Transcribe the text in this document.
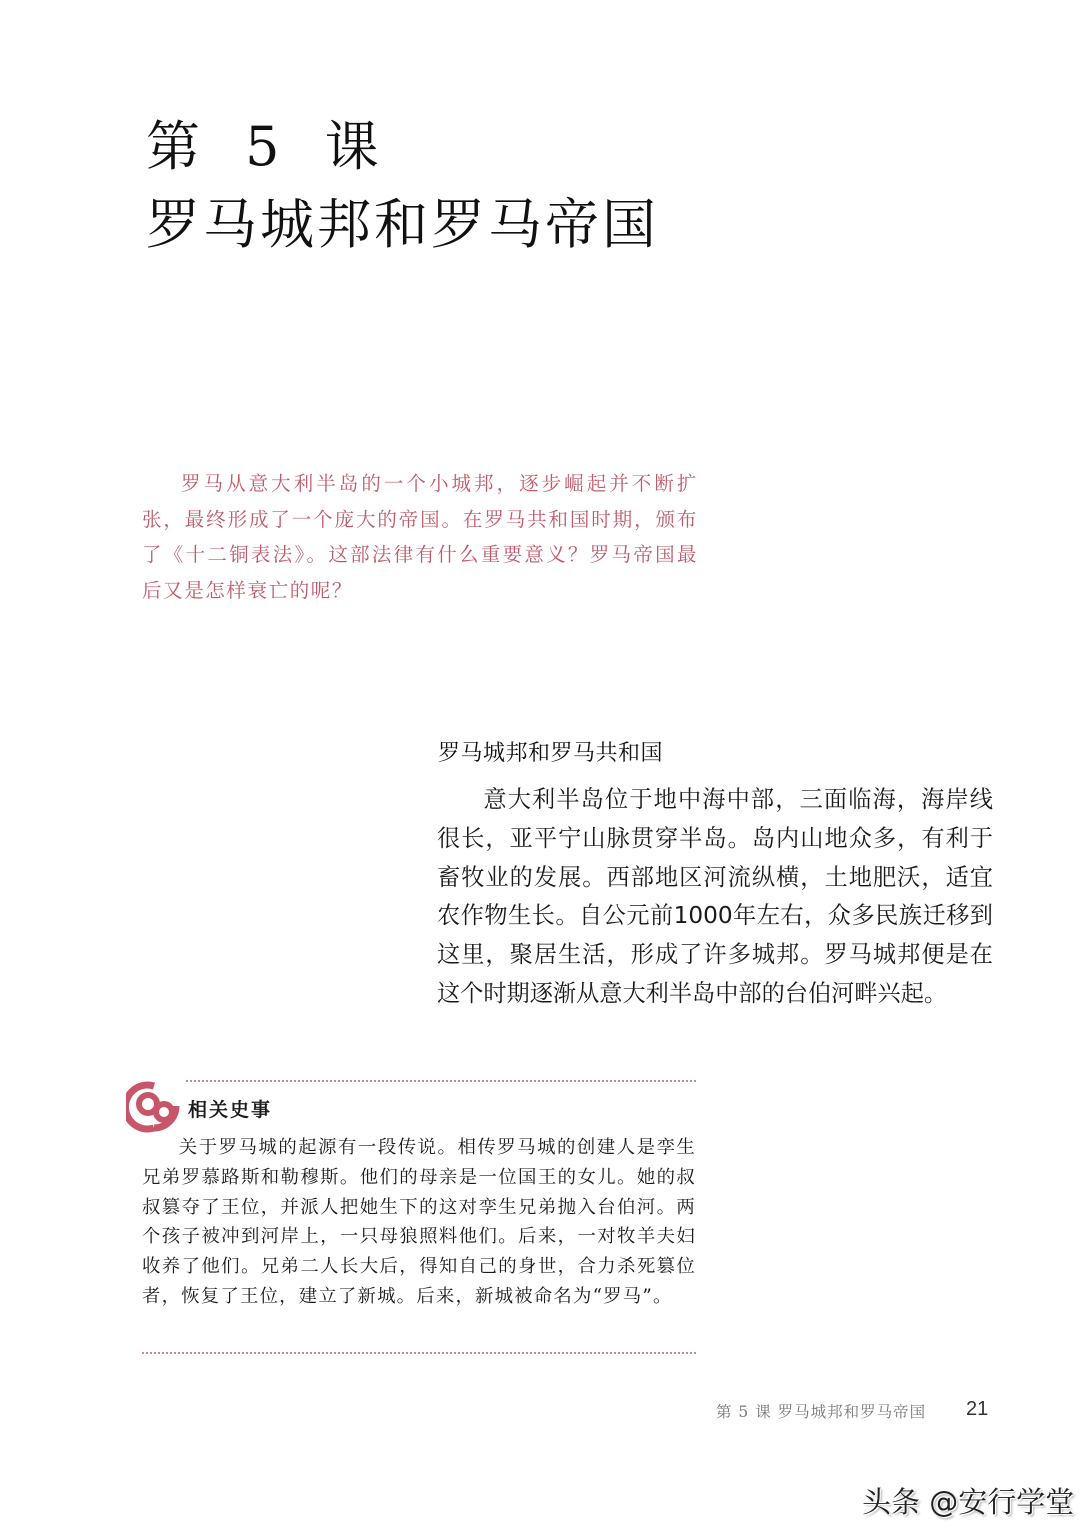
第 5 课
罗马城邦和罗马帝国

罗马从意大利半岛的一个小城邦，逐步崛起并不断扩张，最终形成了一个庞大的帝国。在罗马共和国时期，颁布了《十二铜表法》。这部法律有什么重要意义？罗马帝国最后又是怎样衰亡的呢？

罗马城邦和罗马共和国

意大利半岛位于地中海中部，三面临海，海岸线很长，亚平宁山脉贯穿半岛。岛内山地众多，有利于畜牧业的发展。西部地区河流纵横，土地肥沃，适宜农作物生长。自公元前1000年左右，众多民族迁移到这里，聚居生活，形成了许多城邦。罗马城邦便是在这个时期逐渐从意大利半岛中部的台伯河畔兴起。

相关史事

关于罗马城的起源有一段传说。相传罗马城的创建人是孪生兄弟罗慕路斯和勒穆斯。他们的母亲是一位国王的女儿。她的叔叔篡夺了王位，并派人把她生下的这对孪生兄弟抛入台伯河。两个孩子被冲到河岸上，一只母狼照料他们。后来，一对牧羊夫妇收养了他们。兄弟二人长大后，得知自己的身世，合力杀死篡位者，恢复了王位，建立了新城。后来，新城被命名为“罗马”。

第 5 课 罗马城邦和罗马帝国 21
头条 @安行学堂
